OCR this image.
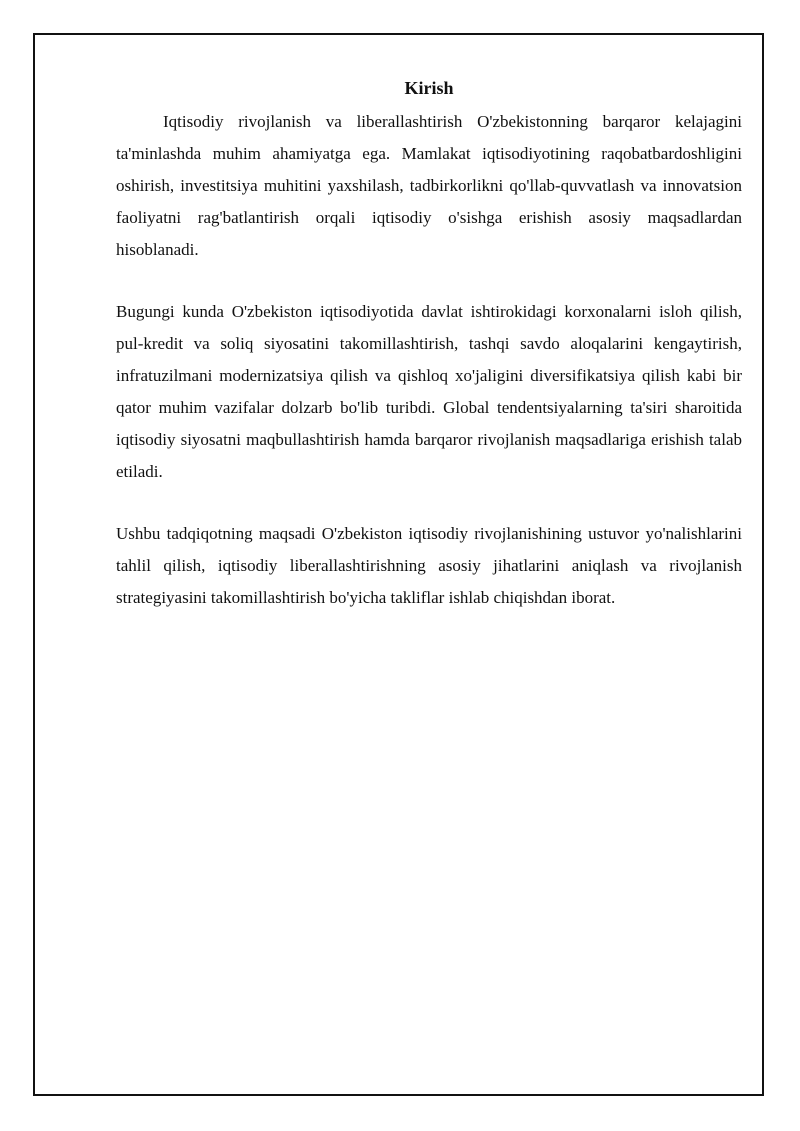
Kirish

Iqtisodiy rivojlanish va liberallashtirish O'zbekistonning barqaror kelajagini ta'minlashda muhim ahamiyatga ega. Mamlakat iqtisodiyotining raqobatbardoshligini oshirish, investitsiya muhitini yaxshilash, tadbirkorlikni qo'llab-quvvatlash va innovatsion faoliyatni rag'batlantirish orqali iqtisodiy o'sishga erishish asosiy maqsadlardan hisoblanadi.

Bugungi kunda O'zbekiston iqtisodiyotida davlat ishtirokidagi korxonalarni isloh qilish, pul-kredit va soliq siyosatini takomillashtirish, tashqi savdo aloqalarini kengaytirish, infratuzilmani modernizatsiya qilish va qishloq xo'jaligini diversifikatsiya qilish kabi bir qator muhim vazifalar dolzarb bo'lib turibdi. Global tendentsiyalarning ta'siri sharoitida iqtisodiy siyosatni maqbullashtirish hamda barqaror rivojlanish maqsadlariga erishish talab etiladi.

Ushbu tadqiqotning maqsadi O'zbekiston iqtisodiy rivojlanishining ustuvor yo'nalishlarini tahlil qilish, iqtisodiy liberallashtirishning asosiy jihatlarini aniqlash va rivojlanish strategiyasini takomillashtirish bo'yicha takliflar ishlab chiqishdan iborat.
